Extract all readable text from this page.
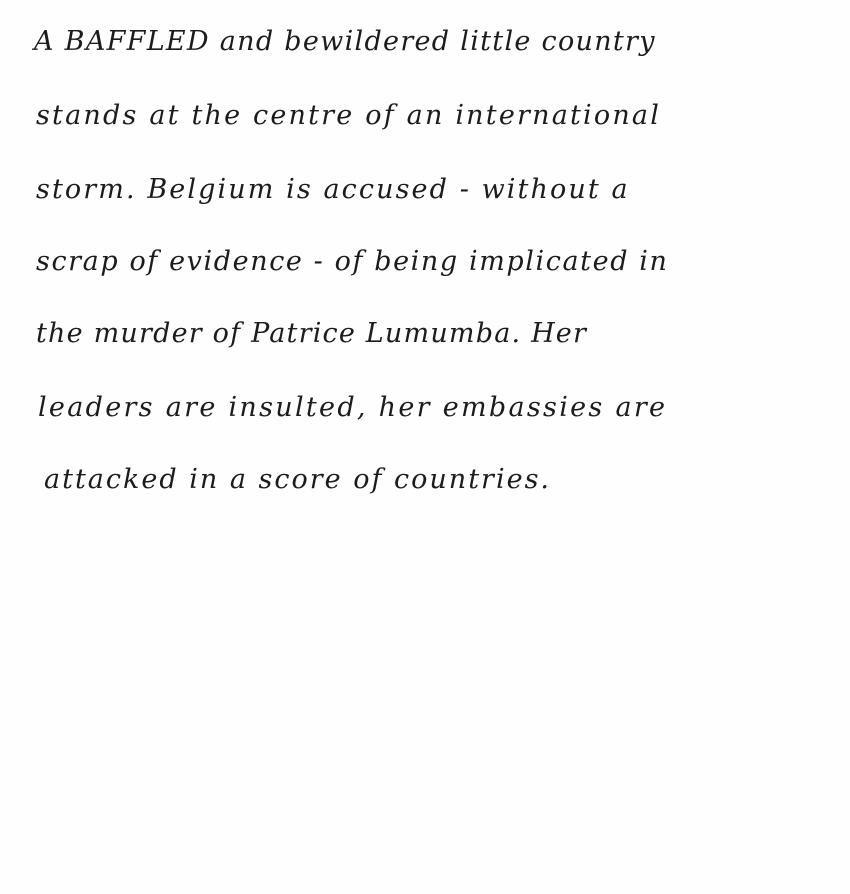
A BAFFLED and bewildered little country
stands at the centre of an international
storm. Belgium is accused - without a
scrap of evidence - of being implicated in
the murder of Patrice Lumumba. Her
leaders are insulted, her embassies are
attacked in a score of countries.
